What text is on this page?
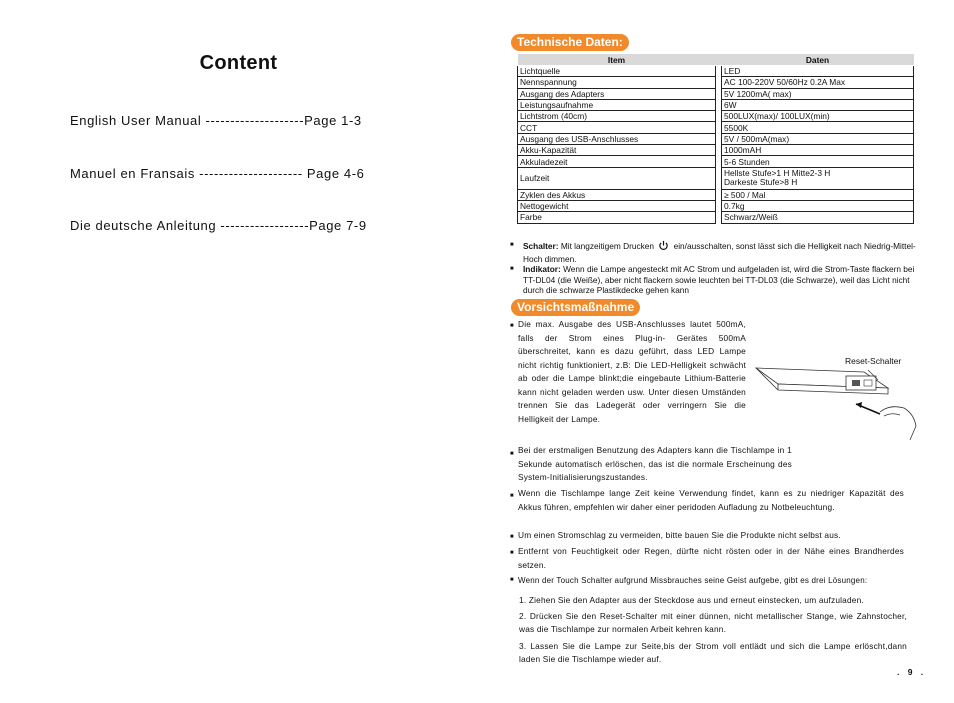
Content
English User Manual --------------------Page 1-3
Manuel en Fransais --------------------- Page 4-6
Die deutsche Anleitung ------------------Page 7-9
Technische Daten:
Item		Daten
Lichtquelle		LED
Nennspannung		AC 100-220V 50/60Hz 0.2A Max
Ausgang des Adapters		5V 1200mA( max)
Leistungsaufnahme		6W
Lichtstrom (40cm)		500LUX(max)/ 100LUX(min)
CCT		5500K
Ausgang des USB-Anschlusses		5V / 500mA(max)
Akku-Kapazität		1000mAH
Akkuladezeit		5-6 Stunden
Laufzeit		Hellste Stufe>1 H Mitte2-3 H
Darkeste Stufe>8 H

Zyklen des Akkus		≥ 500 / Mal
Nettogewicht		0.7kg
Farbe		Schwarz/Weiß
■ Schalter: Mit langzeitigem Drucken  ein/ausschalten, sonst lässt sich die Helligkeit nach Niedrig-Mittel-Hoch dimmen.
■ Indikator: Wenn die Lampe angesteckt mit AC Strom und aufgeladen ist, wird die Strom-Taste flackern bei TT-DL04 (die Weiße), aber nicht flackern sowie leuchten bei TT-DL03 (die Schwarze), weil das Licht nicht durch die schwarze Plastikdecke gehen kann
Vorsichtsmaßnahme
■ Die max. Ausgabe des USB-Anschlusses lautet 500mA, falls der Strom eines Plug-in- Gerätes 500mA überschreitet, kann es dazu geführt, dass LED Lampe nicht richtig funktioniert, z.B: Die LED-Helligkeit schwächt ab oder die Lampe blinkt;die eingebaute Lithium-Batterie kann nicht geladen werden usw. Unter diesen Umständen trennen Sie das Ladegerät oder verringern Sie die Helligkeit der Lampe.
Reset-Schalter
■ Bei der erstmaligen Benutzung des Adapters kann die Tischlampe in 1 Sekunde automatisch erlöschen, das ist die normale Erscheinung des System-Initialisierungszustandes.
■ Wenn die Tischlampe lange Zeit keine Verwendung findet, kann es zu niedriger Kapazität des Akkus führen, empfehlen wir daher einer peridoden Aufladung zu Notbeleuchtung.
■ Um einen Stromschlag zu vermeiden, bitte bauen Sie die Produkte nicht selbst aus.
■ Entfernt von Feuchtigkeit oder Regen, dürfte nicht rösten oder in der Nähe eines Brandherdes setzen.
■ Wenn der Touch Schalter aufgrund Missbrauches seine Geist aufgebe, gibt es drei Lösungen:
1. Ziehen Sie den Adapter aus der Steckdose aus und erneut einstecken, um aufzuladen.
2. Drücken Sie den Reset-Schalter mit einer dünnen, nicht metallischer Stange, wie Zahnstocher, was die Tischlampe zur normalen Arbeit kehren kann.
3. Lassen Sie die Lampe zur Seite,bis der Strom voll entlädt und sich die Lampe erlöscht,dann laden Sie die Tischlampe wieder auf.
. 9 .
